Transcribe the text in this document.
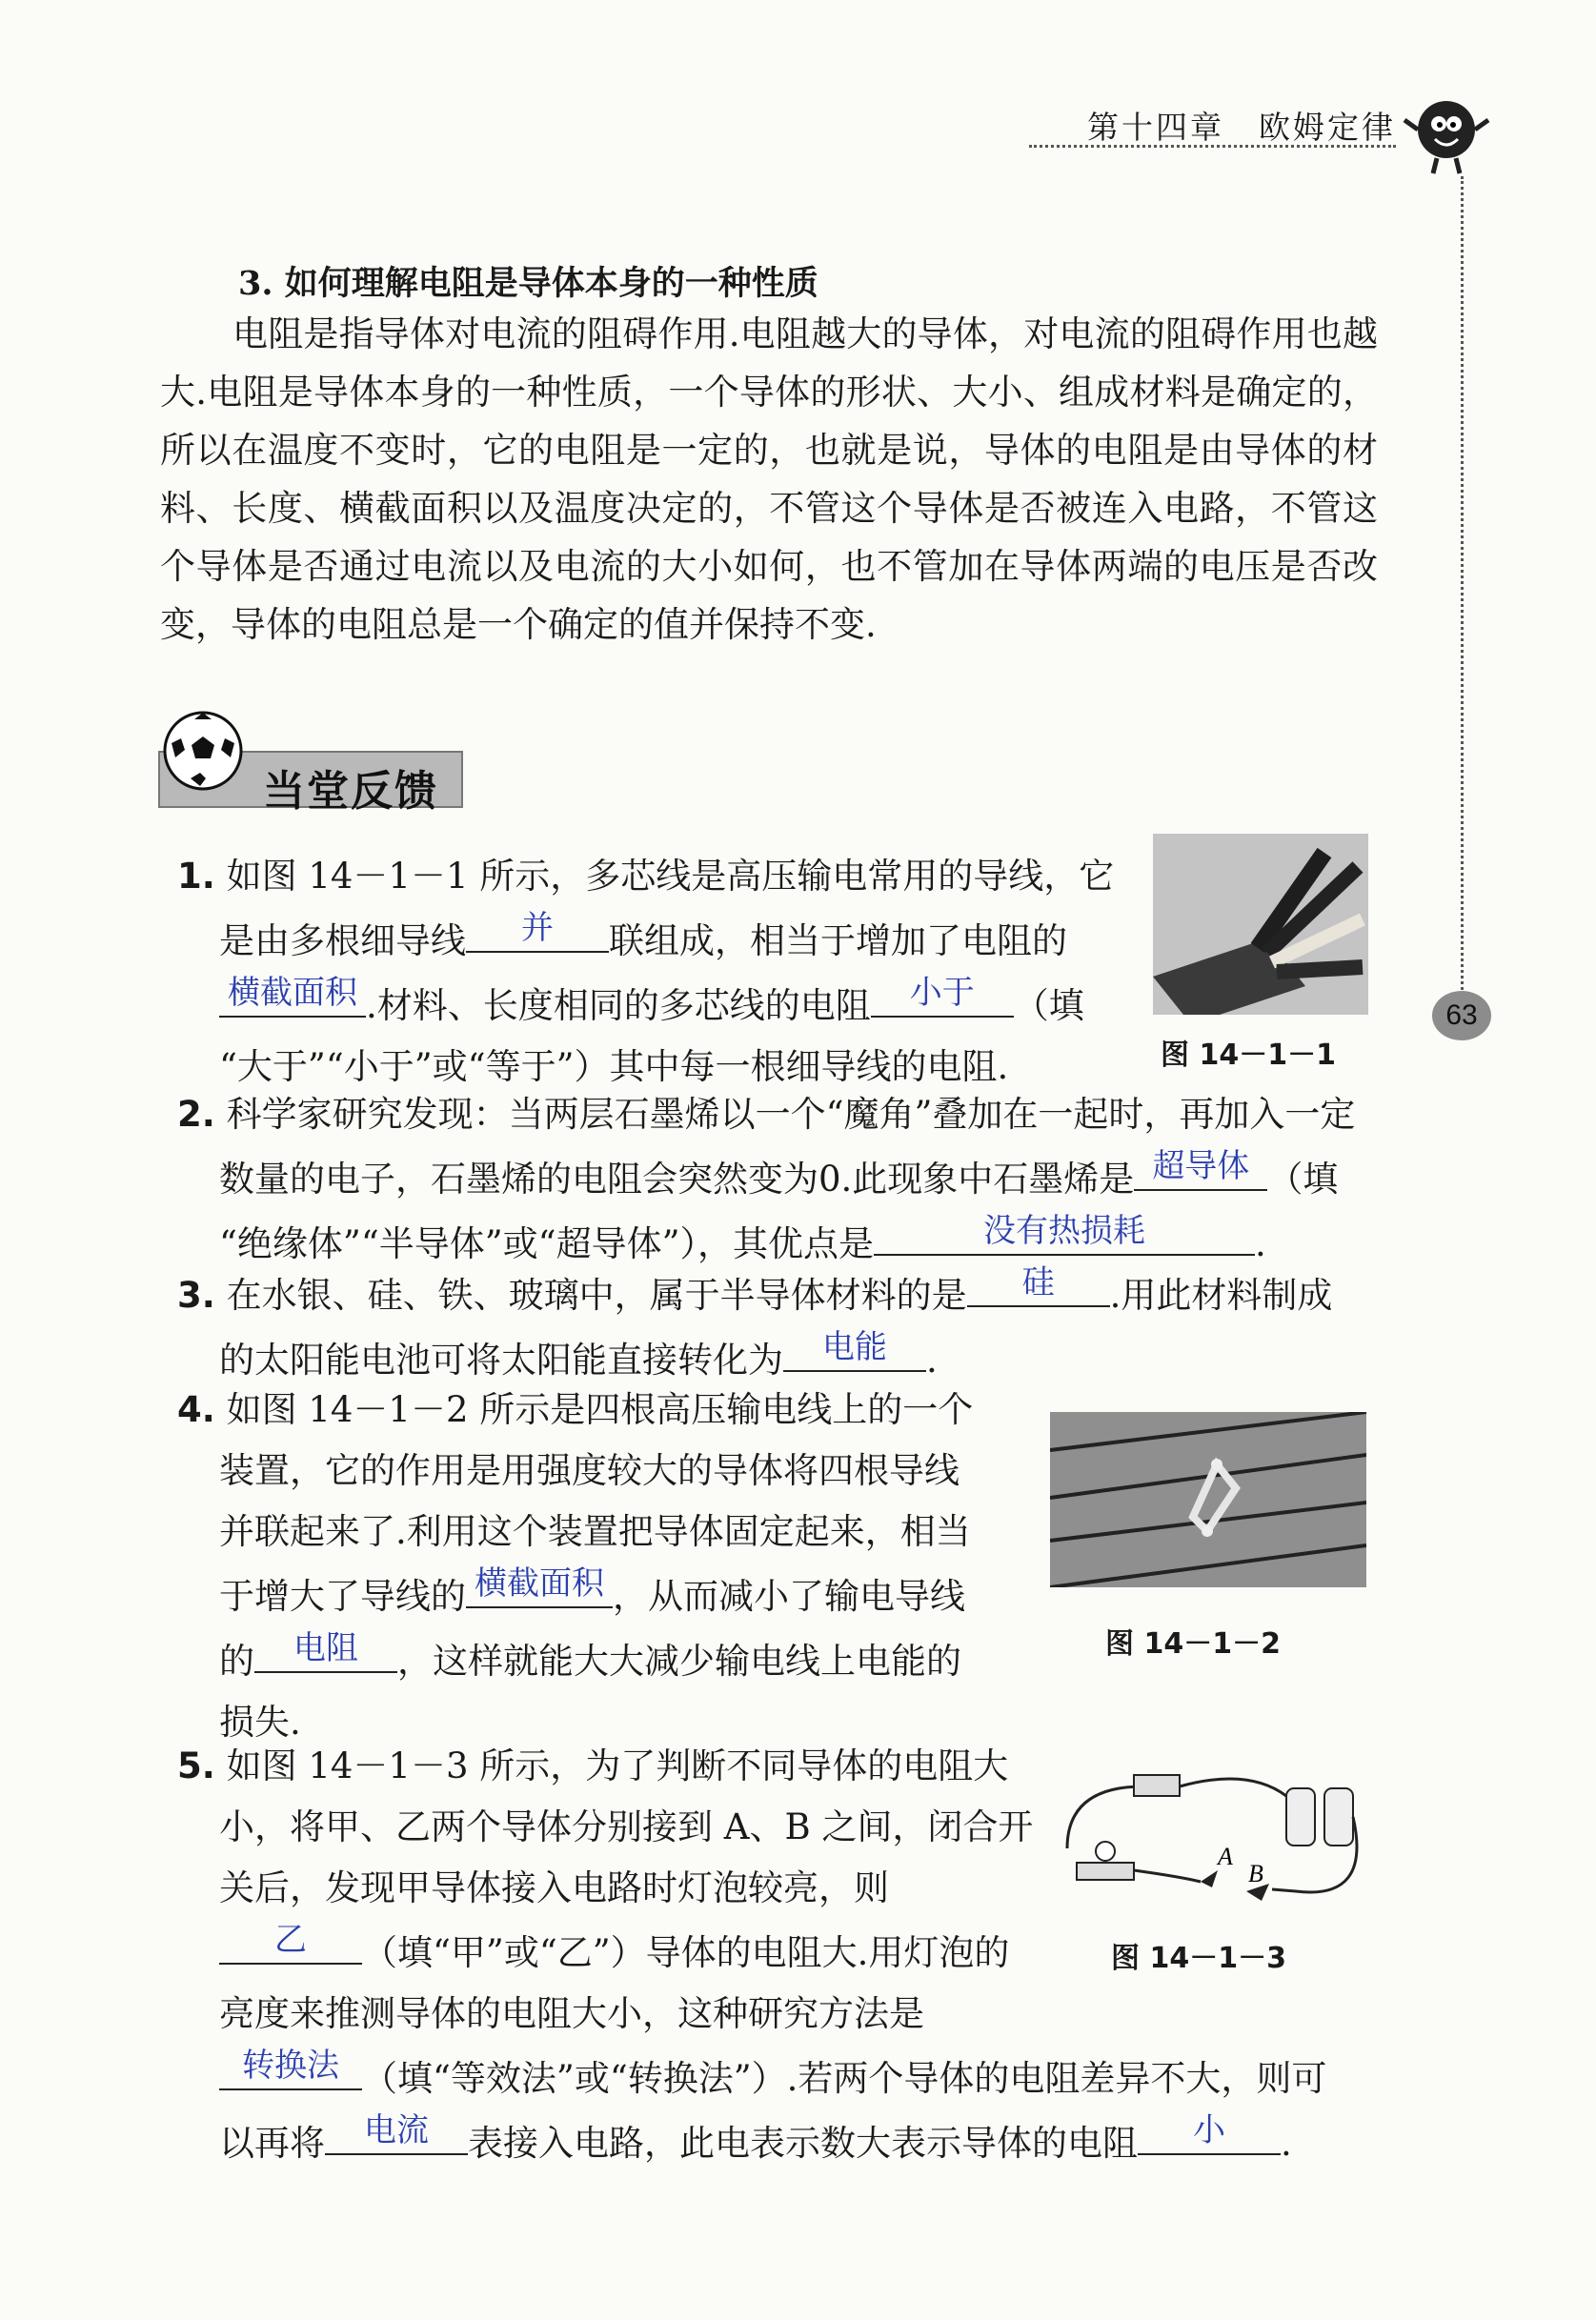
第十四章　欧姆定律
63
3. 如何理解电阻是导体本身的一种性质

电阻是指导体对电流的阻碍作用.电阻越大的导体，对电流的阻碍作用也越大.电阻是导体本身的一种性质，一个导体的形状、大小、组成材料是确定的，所以在温度不变时，它的电阻是一定的，也就是说，导体的电阻是由导体的材料、长度、横截面积以及温度决定的，不管这个导体是否被连入电路，不管这个导体是否通过电流以及电流的大小如何，也不管加在导体两端的电压是否改变，导体的电阻总是一个确定的值并保持不变.

当堂反馈
1. 如图 14－1－1 所示，多芯线是高压输电常用的导线，它
是由多根细导线	并	联组成，相当于增加了电阻的
横截面积 .材料、长度相同的多芯线的电阻	小于	（填
“大于”“小于”或“等于”）其中每一根细导线的电阻.	图 14－1－1
2. 科学家研究发现：当两层石墨烯以一个“魔角”叠加在一起时，再加入一定
数量的电子，石墨烯的电阻会突然变为0.此现象中石墨烯是 超导体 （填
“绝缘体”“半导体”或“超导体”），其优点是	没有热损耗	.
3. 在水银、硅、铁、玻璃中，属于半导体材料的是	硅	.用此材料制成
的太阳能电池可将太阳能直接转化为	电能	.
4. 如图 14－1－2 所示是四根高压输电线上的一个
装置，它的作用是用强度较大的导体将四根导线
并联起来了.利用这个装置把导体固定起来，相当
于增大了导线的 横截面积 ，从而减小了输电导线
的	电阻	，这样就能大大减少输电线上电能的
损失.
图 14－1－2
5. 如图 14－1－3 所示，为了判断不同导体的电阻大
小，将甲、乙两个导体分别接到 A、B 之间，闭合开
关后，发现甲导体接入电路时灯泡较亮，则
乙	（填“甲”或“乙”）导体的电阻大.用灯泡的
亮度来推测导体的电阻大小，这种研究方法是
转换法 （填“等效法”或“转换法”）.若两个导体的电阻差异不大，则可
以再将	电流	表接入电路，此电表示数大表示导体的电阻	小	.
A
B
图 14－1－3
